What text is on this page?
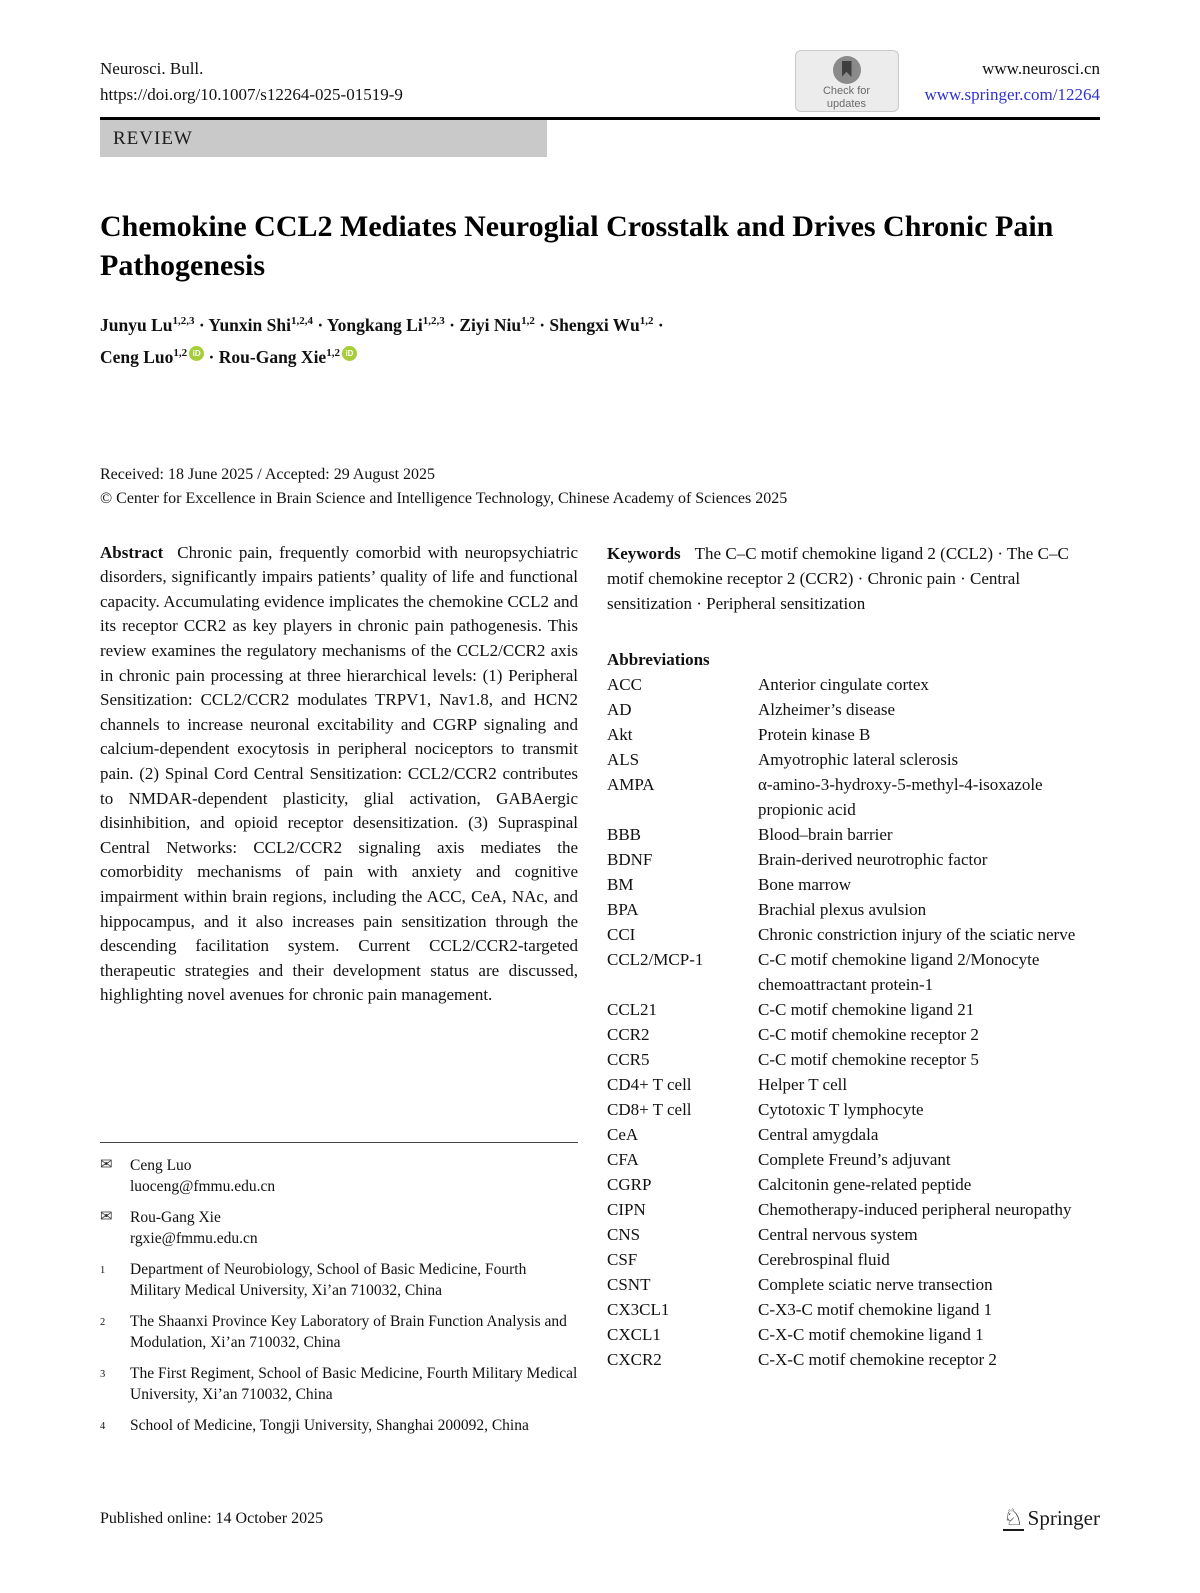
Neurosci. Bull.
https://doi.org/10.1007/s12264-025-01519-9	Check for
updates
www.neurosci.cn
www.springer.com/12264
REVIEW
Chemokine CCL2 Mediates Neuroglial Crosstalk and Drives Chronic Pain Pathogenesis
Junyu Lu$^{1,2,3}$ · Yunxin Shi$^{1,2,4}$ · Yongkang Li$^{1,2,3}$ · Ziyi Niu$^{1,2}$ · Shengxi Wu$^{1,2}$ ·
Ceng Luo$^{1,2}$ iD · Rou-Gang Xie$^{1,2}$ iD
Received: 18 June 2025 / Accepted: 29 August 2025
© Center for Excellence in Brain Science and Intelligence Technology, Chinese Academy of Sciences 2025

Abstract Chronic pain, frequently comorbid with neuropsychiatric disorders, significantly impairs patients’ quality of life and functional capacity. Accumulating evidence implicates the chemokine CCL2 and its receptor CCR2 as key players in chronic pain pathogenesis. This review examines the regulatory mechanisms of the CCL2/CCR2 axis in chronic pain processing at three hierarchical levels: (1) Peripheral Sensitization: CCL2/CCR2 modulates TRPV1, Nav1.8, and HCN2 channels to increase neuronal excitability and CGRP signaling and calcium-dependent exocytosis in peripheral nociceptors to transmit pain. (2) Spinal Cord Central Sensitization: CCL2/CCR2 contributes to NMDAR-dependent plasticity, glial activation, GABAergic disinhibition, and opioid receptor desensitization. (3) Supraspinal Central Networks: CCL2/CCR2 signaling axis mediates the comorbidity mechanisms of pain with anxiety and cognitive impairment within brain regions, including the ACC, CeA, NAc, and hippocampus, and it also increases pain sensitization through the descending facilitation system. Current CCL2/CCR2-targeted therapeutic strategies and their development status are discussed, highlighting novel avenues for chronic pain management.

✉	Ceng Luo
luoceng@fmmu.edu.cn
✉	Rou-Gang Xie
rgxie@fmmu.edu.cn
1	Department of Neurobiology, School of Basic Medicine, Fourth Military Medical University, Xi’an 710032, China
2	The Shaanxi Province Key Laboratory of Brain Function Analysis and Modulation, Xi’an 710032, China
3	The First Regiment, School of Basic Medicine, Fourth Military Medical University, Xi’an 710032, China
4	School of Medicine, Tongji University, Shanghai 200092, China

Keywords The C–C motif chemokine ligand 2 (CCL2) · The C–C motif chemokine receptor 2 (CCR2) · Chronic pain · Central sensitization · Peripheral sensitization

Abbreviations
ACC	Anterior cingulate cortex
AD	Alzheimer’s disease
Akt	Protein kinase B
ALS	Amyotrophic lateral sclerosis
AMPA	α-amino-3-hydroxy-5-methyl-4-isoxazole propionic acid
BBB	Blood–brain barrier
BDNF	Brain-derived neurotrophic factor
BM	Bone marrow
BPA	Brachial plexus avulsion
CCI	Chronic constriction injury of the sciatic nerve
CCL2/MCP-1	C-C motif chemokine ligand 2/Monocyte chemoattractant protein-1
CCL21	C-C motif chemokine ligand 21
CCR2	C-C motif chemokine receptor 2
CCR5	C-C motif chemokine receptor 5
CD4+ T cell	Helper T cell
CD8+ T cell	Cytotoxic T lymphocyte
CeA	Central amygdala
CFA	Complete Freund’s adjuvant
CGRP	Calcitonin gene-related peptide
CIPN	Chemotherapy-induced peripheral neuropathy
CNS	Central nervous system
CSF	Cerebrospinal fluid
CSNT	Complete sciatic nerve transection
CX3CL1	C-X3-C motif chemokine ligand 1
CXCL1	C-X-C motif chemokine ligand 1
CXCR2	C-X-C motif chemokine receptor 2
Published online: 14 October 2025	♘ Springer
